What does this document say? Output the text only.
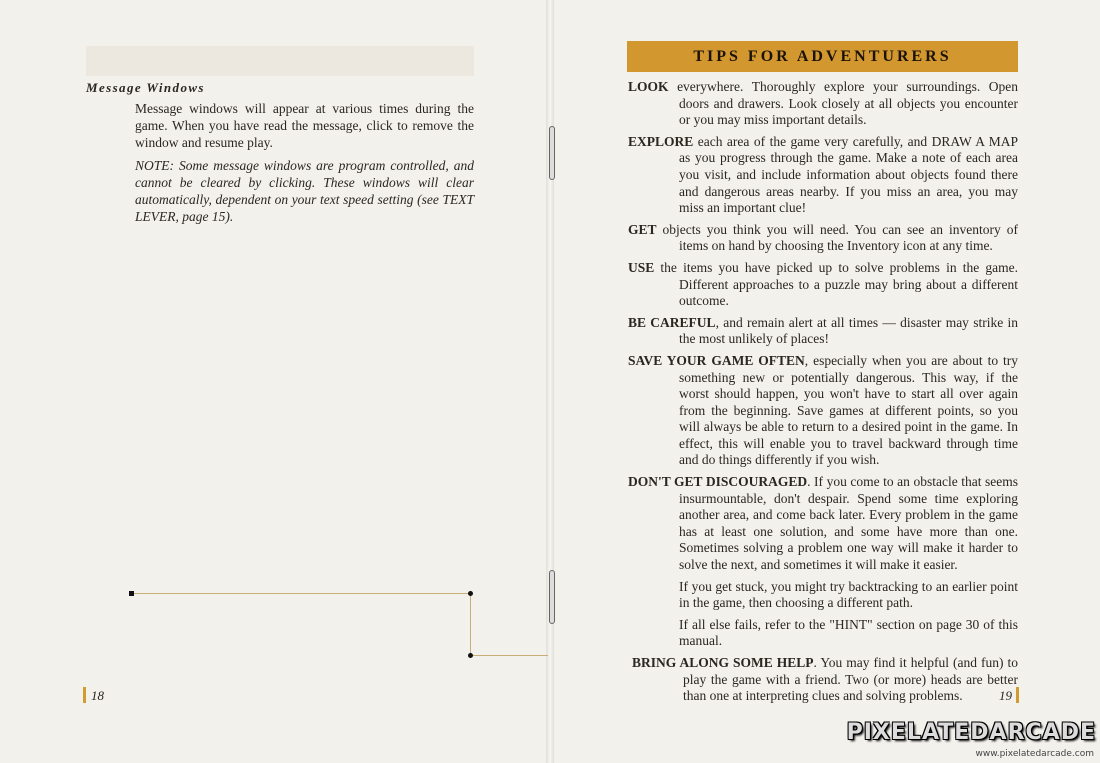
Message Windows

Message windows will appear at various times during the game. When you have read the message, click to remove the window and resume play.

NOTE: Some message windows are program controlled, and cannot be cleared by clicking. These windows will clear automatically, dependent on your text speed setting (see TEXT LEVER, page 15).

18
TIPS FOR ADVENTURERS

LOOK everywhere. Thoroughly explore your surroundings. Open doors and drawers. Look closely at all objects you encounter or you may miss important details.

EXPLORE each area of the game very carefully, and DRAW A MAP as you progress through the game. Make a note of each area you visit, and include information about objects found there and dangerous areas nearby. If you miss an area, you may miss an important clue!

GET objects you think you will need. You can see an inventory of items on hand by choosing the Inventory icon at any time.

USE the items you have picked up to solve problems in the game. Different approaches to a puzzle may bring about a different outcome.

BE CAREFUL, and remain alert at all times — disaster may strike in the most unlikely of places!

SAVE YOUR GAME OFTEN, especially when you are about to try something new or potentially dangerous. This way, if the worst should happen, you won't have to start all over again from the beginning. Save games at different points, so you will always be able to return to a desired point in the game. In effect, this will enable you to travel backward through time and do things differently if you wish.

DON'T GET DISCOURAGED. If you come to an obstacle that seems insurmountable, don't despair. Spend some time exploring another area, and come back later. Every problem in the game has at least one solution, and some have more than one. Sometimes solving a problem one way will make it harder to solve the next, and sometimes it will make it easier.

If you get stuck, you might try backtracking to an earlier point in the game, then choosing a different path.

If all else fails, refer to the "HINT" section on page 30 of this manual.

BRING ALONG SOME HELP. You may find it helpful (and fun) to play the game with a friend. Two (or more) heads are better than one at interpreting clues and solving problems.	19
PIXELATEDARCADE
www.pixelatedarcade.com
